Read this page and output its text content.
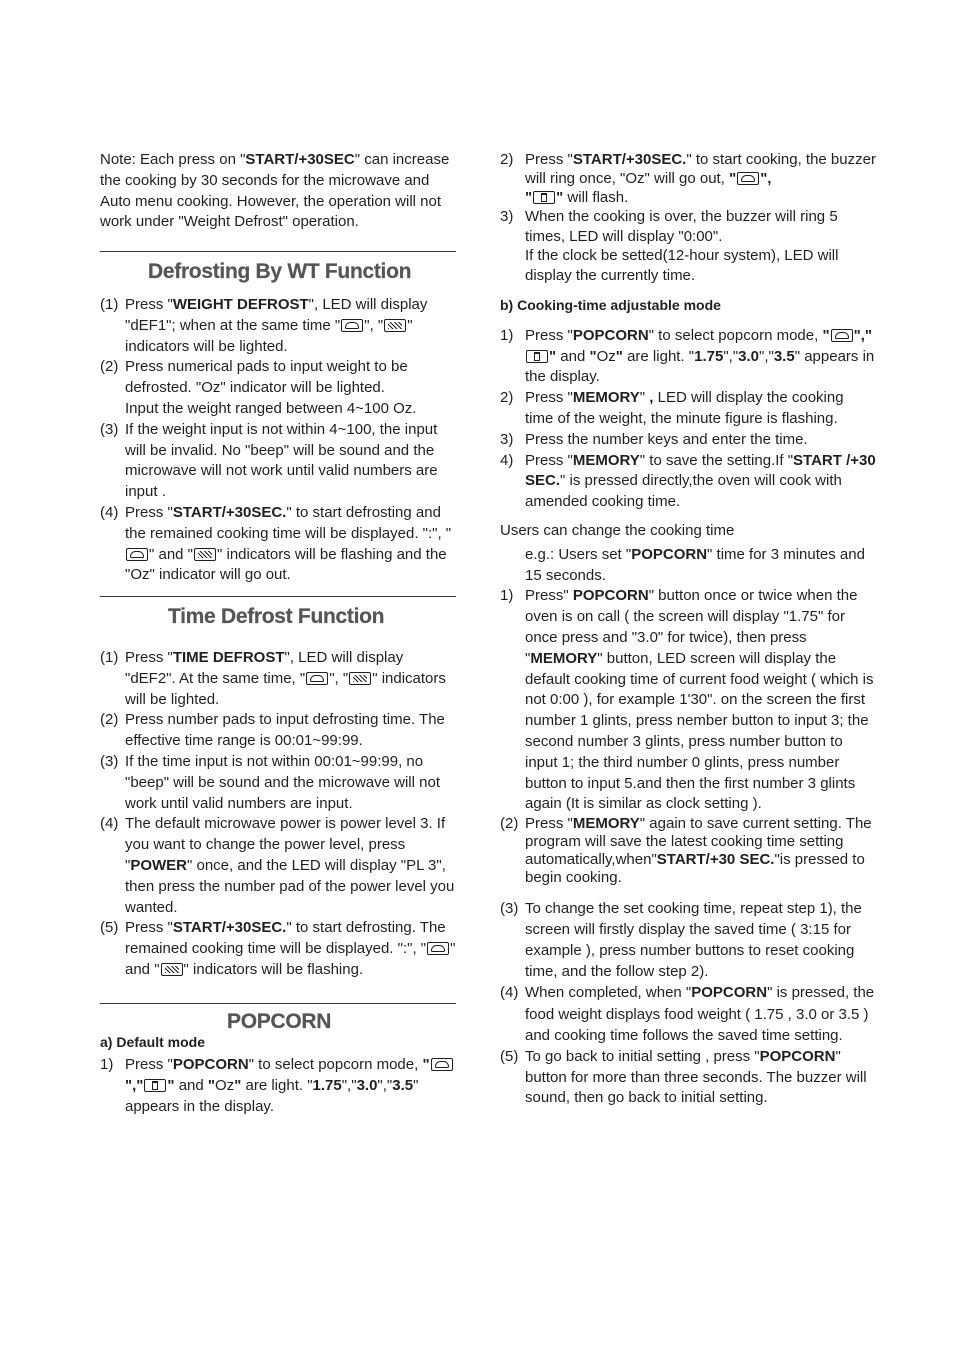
Note: Each press on "START/+30SEC" can increase the cooking by 30 seconds for the microwave and Auto menu cooking. However, the operation will not work under "Weight Defrost" operation.

Defrosting By WT Function
(1) Press "WEIGHT DEFROST", LED will display "dEF1"; when at the same time " ", " " indicators will be lighted.
(2) Press numerical pads to input weight to be defrosted. "Oz" indicator will be lighted.
Input the weight ranged between 4~100 Oz.
(3) If the weight input is not within 4~100, the input will be invalid. No "beep" will be sound and the microwave will not work until valid numbers are input .
(4) Press "START/+30SEC." to start defrosting and the remained cooking time will be displayed. ":", "" and " " indicators will be flashing and the "Oz" indicator will go out.
Time Defrost Function
(1) Press "TIME DEFROST", LED will display "dEF2". At the same time, " ", " " indicators will be lighted.
(2) Press number pads to input defrosting time. The effective time range is 00:01~99:99.
(3) If the time input is not within 00:01~99:99, no "beep" will be sound and the microwave will not work until valid numbers are input.
(4) The default microwave power is power level 3. If you want to change the power level, press "POWER" once, and the LED will display "PL 3", then press the number pad of the power level you wanted.
(5) Press "START/+30SEC." to start defrosting. The remained cooking time will be displayed. ":", " " and " " indicators will be flashing.
POPCORN

a) Default mode

1) Press "POPCORN" to select popcorn mode, ""," " and "Oz" are light. "1.75","3.0","3.5" appears in the display.
2) Press "START/+30SEC." to start cooking, the buzzer will ring once, "Oz" will go out, " ",
" " will flash.
3) When the cooking is over, the buzzer will ring 5 times, LED will display "0:00".
If the clock be setted(12-hour system), LED will display the currently time.

b) Cooking-time adjustable mode

1) Press "POPCORN" to select popcorn mode, " ","" and "Oz" are light. "1.75","3.0","3.5" appears in the display.
2) Press "MEMORY" , LED will display the cooking time of the weight, the minute figure is flashing.
3) Press the number keys and enter the time.
4) Press "MEMORY" to save the setting.If "START /+30 SEC." is pressed directly,the oven will cook with amended cooking time.

Users can change the cooking time

e.g.: Users set "POPCORN" time for 3 minutes and 15 seconds.

1) Press" POPCORN" button once or twice when the oven is on call ( the screen will display "1.75" for once press and "3.0" for twice), then press "MEMORY" button, LED screen will display the default cooking time of current food weight ( which is not 0:00 ), for example 1'30". on the screen the first number 1 glints, press nember button to input 3; the second number 3 glints, press number button to input 1; the third number 0 glints, press number button to input 5.and then the first number 3 glints again (It is similar as clock setting ).
(2) Press "MEMORY" again to save current setting. The program will save the latest cooking time setting automatically,when"START/+30 SEC."is pressed to begin cooking.
(3) To change the set cooking time, repeat step 1), the screen will firstly display the saved time ( 3:15 for example ), press number buttons to reset cooking time, and the follow step 2).
(4) When completed, when "POPCORN" is pressed, the food weight displays food weight ( 1.75 , 3.0 or 3.5 ) and cooking time follows the saved time setting.
(5) To go back to initial setting , press "POPCORN" button for more than three seconds. The buzzer will sound, then go back to initial setting.
